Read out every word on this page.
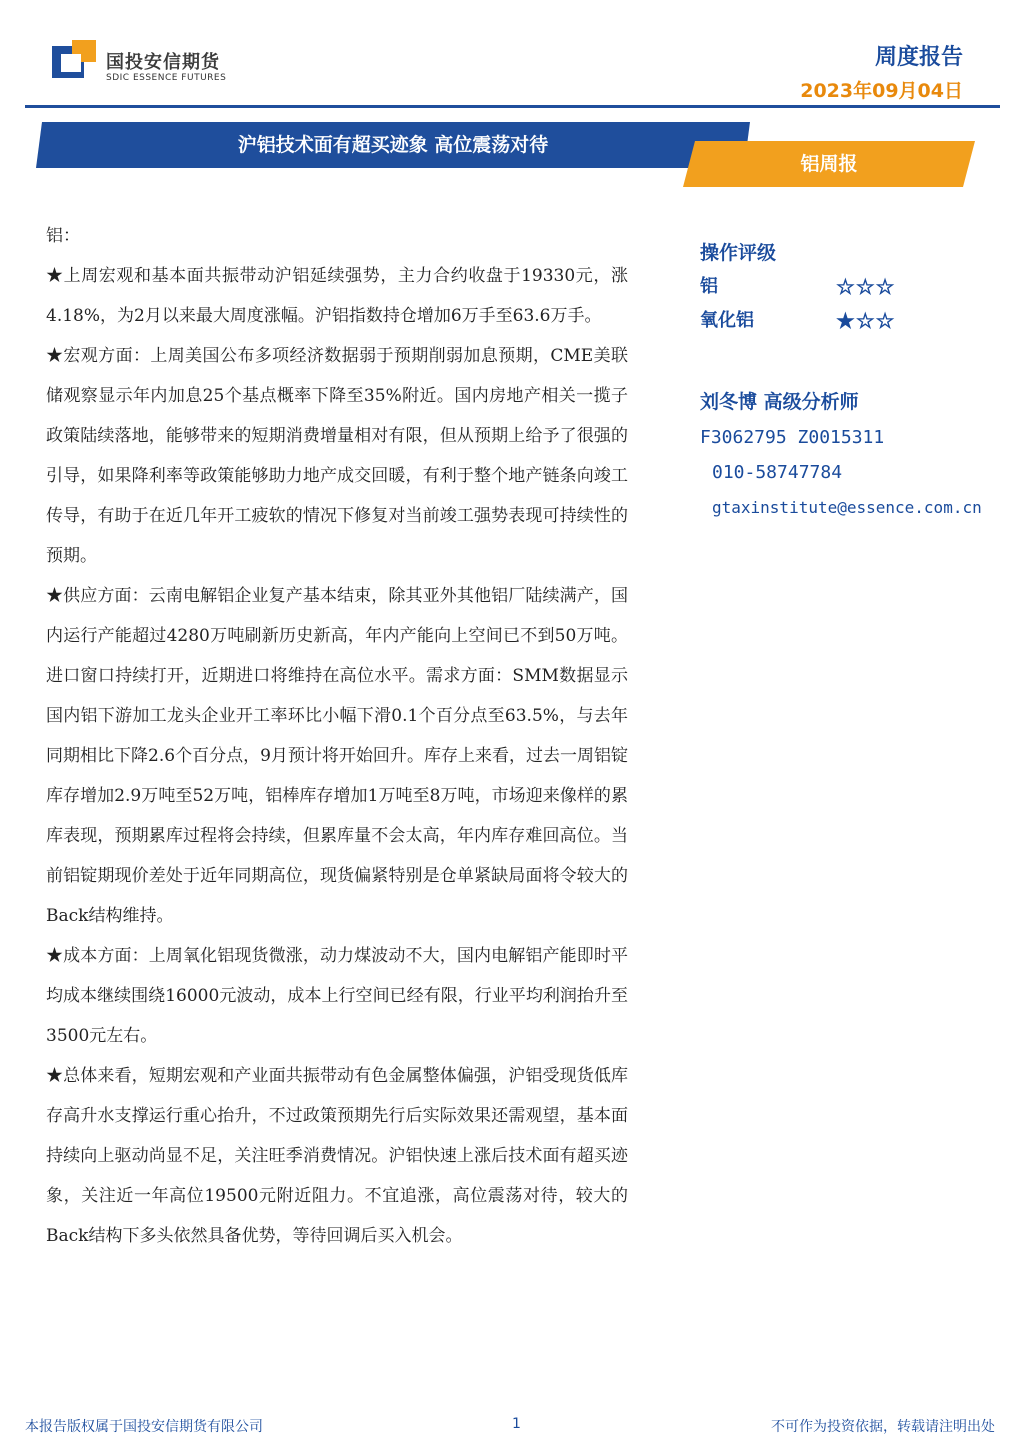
国投安信期货
SDIC ESSENCE FUTURES
周度报告
2023年09月04日
沪铝技术面有超买迹象 高位震荡对待
铝周报

铝：

★上周宏观和基本面共振带动沪铝延续强势，主力合约收盘于19330元，涨4.18%，为2月以来最大周度涨幅。沪铝指数持仓增加6万手至63.6万手。

★宏观方面：上周美国公布多项经济数据弱于预期削弱加息预期，CME美联储观察显示年内加息25个基点概率下降至35%附近。国内房地产相关一揽子政策陆续落地，能够带来的短期消费增量相对有限，但从预期上给予了很强的引导，如果降利率等政策能够助力地产成交回暖，有利于整个地产链条向竣工传导，有助于在近几年开工疲软的情况下修复对当前竣工强势表现可持续性的预期。

★供应方面：云南电解铝企业复产基本结束，除其亚外其他铝厂陆续满产，国内运行产能超过4280万吨刷新历史新高，年内产能向上空间已不到50万吨。进口窗口持续打开，近期进口将维持在高位水平。需求方面：SMM数据显示国内铝下游加工龙头企业开工率环比小幅下滑0.1个百分点至63.5%，与去年同期相比下降2.6个百分点，9月预计将开始回升。库存上来看，过去一周铝锭库存增加2.9万吨至52万吨，铝棒库存增加1万吨至8万吨，市场迎来像样的累库表现，预期累库过程将会持续，但累库量不会太高，年内库存难回高位。当前铝锭期现价差处于近年同期高位，现货偏紧特别是仓单紧缺局面将令较大的Back结构维持。

★成本方面：上周氧化铝现货微涨，动力煤波动不大，国内电解铝产能即时平均成本继续围绕16000元波动，成本上行空间已经有限，行业平均利润抬升至3500元左右。

★总体来看，短期宏观和产业面共振带动有色金属整体偏强，沪铝受现货低库存高升水支撑运行重心抬升，不过政策预期先行后实际效果还需观望，基本面持续向上驱动尚显不足，关注旺季消费情况。沪铝快速上涨后技术面有超买迹象，关注近一年高位19500元附近阻力。不宜追涨，高位震荡对待，较大的Back结构下多头依然具备优势，等待回调后买入机会。

操作评级
铝	☆☆☆
氧化铝	★☆☆
刘冬博 高级分析师
F3062795 Z0015311
010-58747784
gtaxinstitute@essence.com.cn
本报告版权属于国投安信期货有限公司	1	不可作为投资依据，转载请注明出处
